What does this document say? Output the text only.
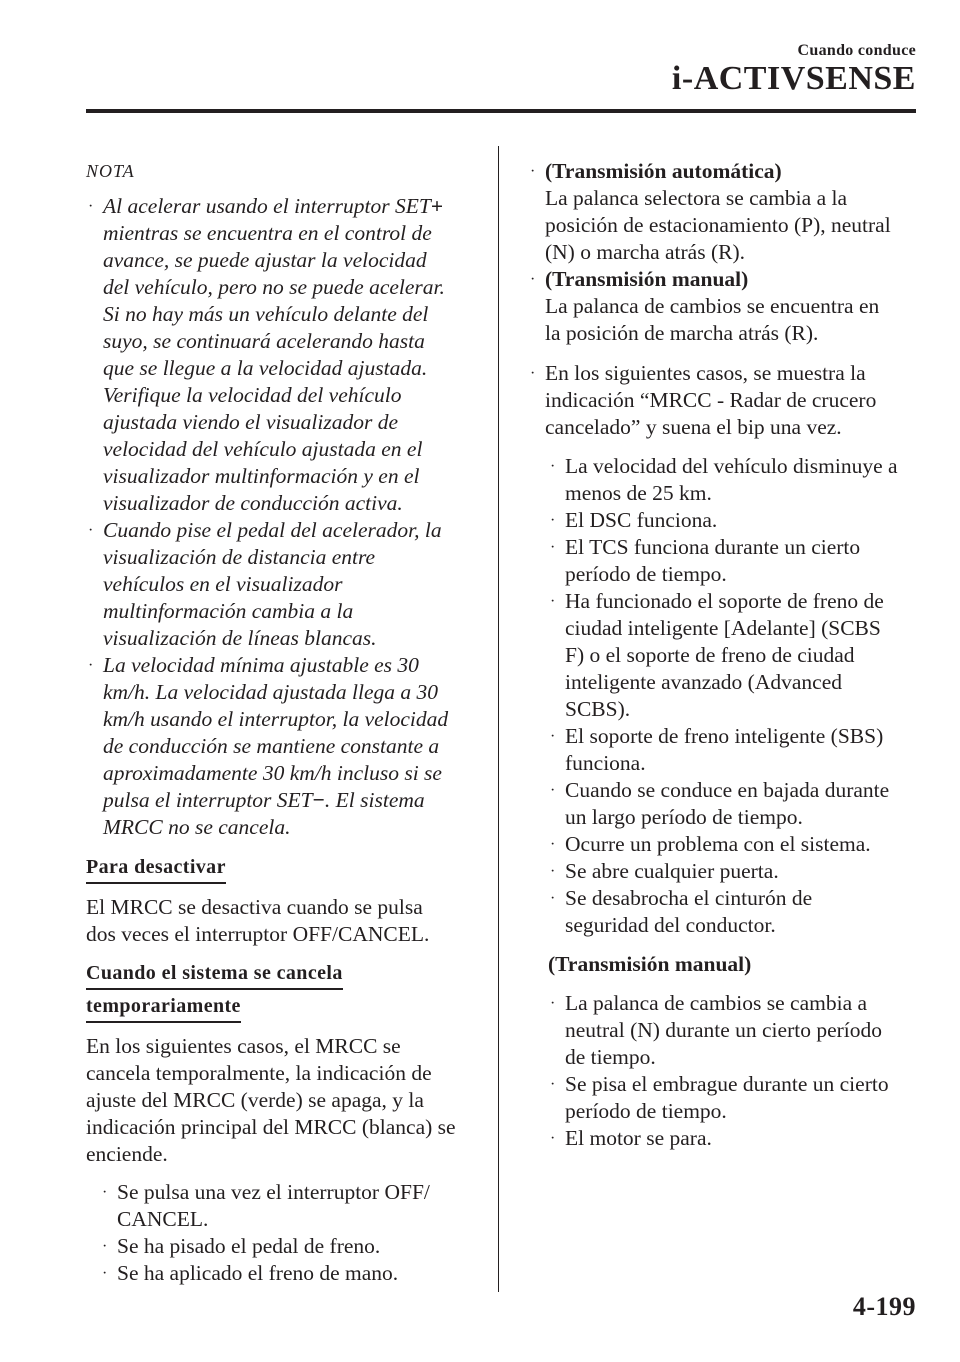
Cuando conduce
i-ACTIVSENSE
NOTA
· Al acelerar usando el interruptor SET+
mientras se encuentra en el control de
avance, se puede ajustar la velocidad
del vehículo, pero no se puede acelerar.
Si no hay más un vehículo delante del
suyo, se continuará acelerando hasta
que se llegue a la velocidad ajustada.
Verifique la velocidad del vehículo
ajustada viendo el visualizador de
velocidad del vehículo ajustada en el
visualizador multinformación y en el
visualizador de conducción activa.
· Cuando pise el pedal del acelerador, la
visualización de distancia entre
vehículos en el visualizador
multinformación cambia a la
visualización de líneas blancas.
· La velocidad mínima ajustable es 30
km/h. La velocidad ajustada llega a 30
km/h usando el interruptor, la velocidad
de conducción se mantiene constante a
aproximadamente 30 km/h incluso si se
pulsa el interruptor SET−. El sistema
MRCC no se cancela.
Para desactivar

El MRCC se desactiva cuando se pulsa
dos veces el interruptor OFF/CANCEL.

Cuando el sistema se cancela
temporariamente

En los siguientes casos, el MRCC se
cancela temporalmente, la indicación de
ajuste del MRCC (verde) se apaga, y la
indicación principal del MRCC (blanca) se
enciende.

· Se pulsa una vez el interruptor OFF/
CANCEL.
· Se ha pisado el pedal de freno.
· Se ha aplicado el freno de mano.
· (Transmisión automática)
La palanca selectora se cambia a la
posición de estacionamiento (P), neutral
(N) o marcha atrás (R).
· (Transmisión manual)
La palanca de cambios se encuentra en
la posición de marcha atrás (R).
· En los siguientes casos, se muestra la
indicación “MRCC - Radar de crucero
cancelado” y suena el bip una vez.
· La velocidad del vehículo disminuye a
menos de 25 km.
· El DSC funciona.
· El TCS funciona durante un cierto
período de tiempo.
· Ha funcionado el soporte de freno de
ciudad inteligente [Adelante] (SCBS
F) o el soporte de freno de ciudad
inteligente avanzado (Advanced
SCBS).
· El soporte de freno inteligente (SBS)
funciona.
· Cuando se conduce en bajada durante
un largo período de tiempo.
· Ocurre un problema con el sistema.
· Se abre cualquier puerta.
· Se desabrocha el cinturón de
seguridad del conductor.
(Transmisión manual)
· La palanca de cambios se cambia a
neutral (N) durante un cierto período
de tiempo.
· Se pisa el embrague durante un cierto
período de tiempo.
· El motor se para.
4-199
